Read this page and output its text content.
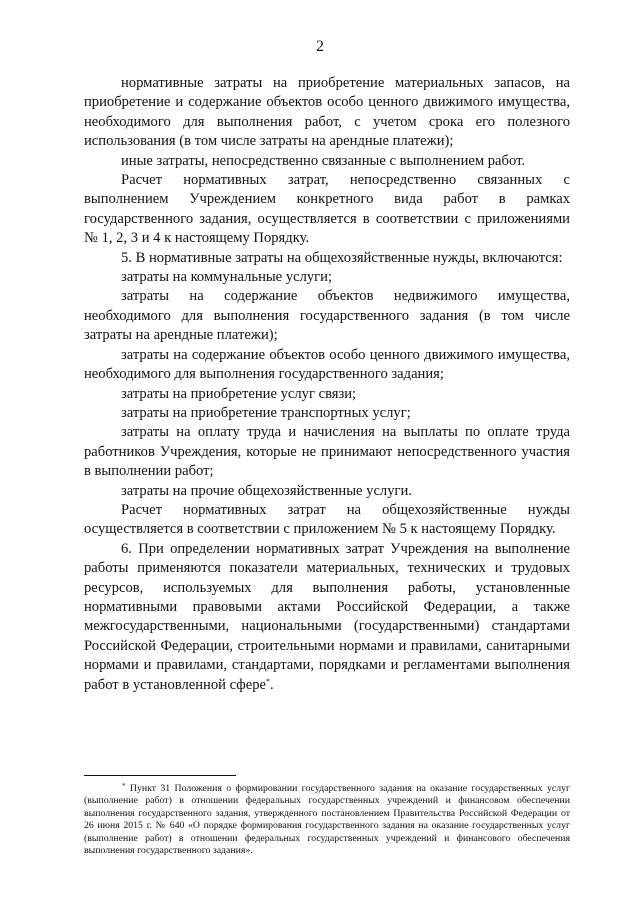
2

нормативные затраты на приобретение материальных запасов, на приобретение и содержание объектов особо ценного движимого имущества, необходимого для выполнения работ, с учетом срока его полезного использования (в том числе затраты на арендные платежи);

иные затраты, непосредственно связанные с выполнением работ.

Расчет нормативных затрат, непосредственно связанных с выполнением Учреждением конкретного вида работ в рамках государственного задания, осуществляется в соответствии с приложениями № 1, 2, 3 и 4 к настоящему Порядку.

5. В нормативные затраты на общехозяйственные нужды, включаются:

затраты на коммунальные услуги;

затраты на содержание объектов недвижимого имущества, необходимого для выполнения государственного задания (в том числе затраты на арендные платежи);

затраты на содержание объектов особо ценного движимого имущества, необходимого для выполнения государственного задания;

затраты на приобретение услуг связи;

затраты на приобретение транспортных услуг;

затраты на оплату труда и начисления на выплаты по оплате труда работников Учреждения, которые не принимают непосредственного участия в выполнении работ;

затраты на прочие общехозяйственные услуги.

Расчет нормативных затрат на общехозяйственные нужды осуществляется в соответствии с приложением № 5 к настоящему Порядку.

6. При определении нормативных затрат Учреждения на выполнение работы применяются показатели материальных, технических и трудовых ресурсов, используемых для выполнения работы, установленные нормативными правовыми актами Российской Федерации, а также межгосударственными, национальными (государственными) стандартами Российской Федерации, строительными нормами и правилами, санитарными нормами и правилами, стандартами, порядками и регламентами выполнения работ в установленной сфере*.

* Пункт 31 Положения о формировании государственного задания на оказание государственных услуг (выполнение работ) в отношении федеральных государственных учреждений и финансовом обеспечении выполнения государственного задания, утвержденного постановлением Правительства Российской Федерации от 26 июня 2015 г. № 640 «О порядке формирования государственного задания на оказание государственных услуг (выполнение работ) в отношении федеральных государственных учреждений и финансового обеспечения выполнения государственного задания».
